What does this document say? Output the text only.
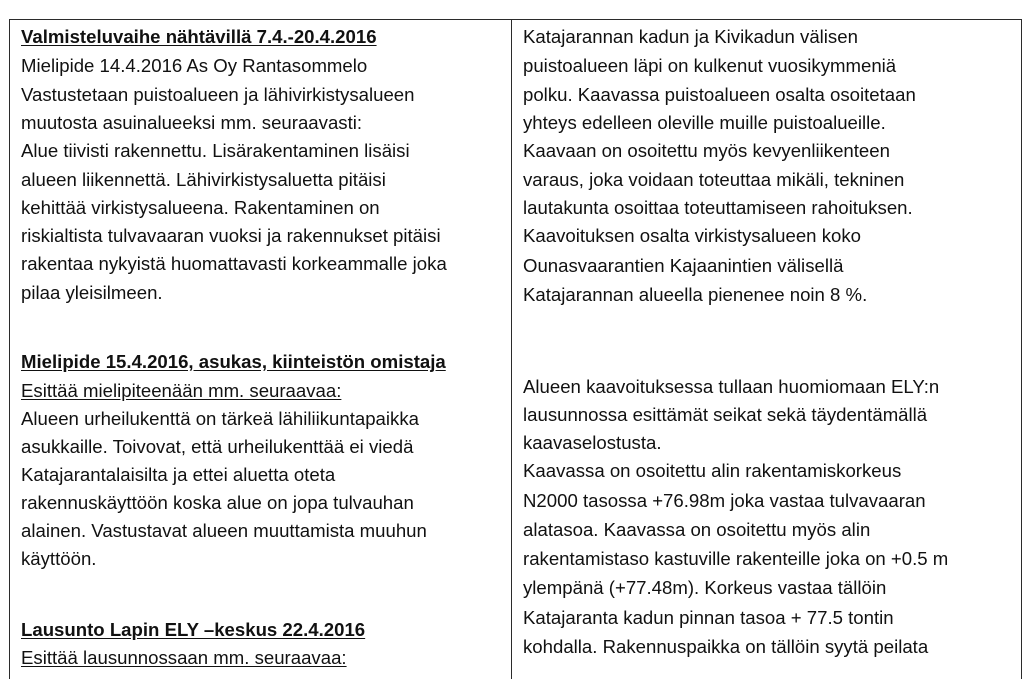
Valmisteluvaihe nähtävillä 7.4.-20.4.2016
Mielipide 14.4.2016 As Oy Rantasommelo
Vastustetaan puistoalueen ja lähivirkistysalueen
muutosta asuinalueeksi mm. seuraavasti:
Alue tiivisti rakennettu. Lisärakentaminen lisäisi
alueen liikennettä. Lähivirkistysaluetta pitäisi
kehittää virkistysalueena. Rakentaminen on
riskialtista tulvavaaran vuoksi ja rakennukset pitäisi
rakentaa nykyistä huomattavasti korkeammalle joka
pilaa yleisilmeen.
Mielipide 15.4.2016, asukas, kiinteistön omistaja
Esittää mielipiteenään mm. seuraavaa:
Alueen urheilukenttä on tärkeä lähiliikuntapaikka
asukkaille. Toivovat, että urheilukenttää ei viedä
Katajarantalaisilta ja ettei aluetta oteta
rakennuskäyttöön koska alue on jopa tulvauhan
alainen. Vastustavat alueen muuttamista muuhun
käyttöön.
Lausunto Lapin ELY –keskus 22.4.2016
Esittää lausunnossaan mm. seuraavaa:
Katajarannan kadun ja Kivikadun välisen
puistoalueen läpi on kulkenut vuosikymmeniä
polku. Kaavassa puistoalueen osalta osoitetaan
yhteys edelleen oleville muille puistoalueille.
Kaavaan on osoitettu myös kevyenliikenteen
varaus, joka voidaan toteuttaa mikäli, tekninen
lautakunta osoittaa toteuttamiseen rahoituksen.
Kaavoituksen osalta virkistysalueen koko
Ounasvaarantien Kajaanintien välisellä
Katajarannan alueella pienenee noin 8 %.
Alueen kaavoituksessa tullaan huomiomaan ELY:n
lausunnossa esittämät seikat sekä täydentämällä
kaavaselostusta.
Kaavassa on osoitettu alin rakentamiskorkeus
N2000 tasossa +76.98m joka vastaa tulvavaaran
alatasoa. Kaavassa on osoitettu myös alin
rakentamistaso kastuville rakenteille joka on +0.5 m
ylempänä (+77.48m). Korkeus vastaa tällöin
Katajaranta kadun pinnan tasoa + 77.5 tontin
kohdalla. Rakennuspaikka on tällöin syytä peilata
